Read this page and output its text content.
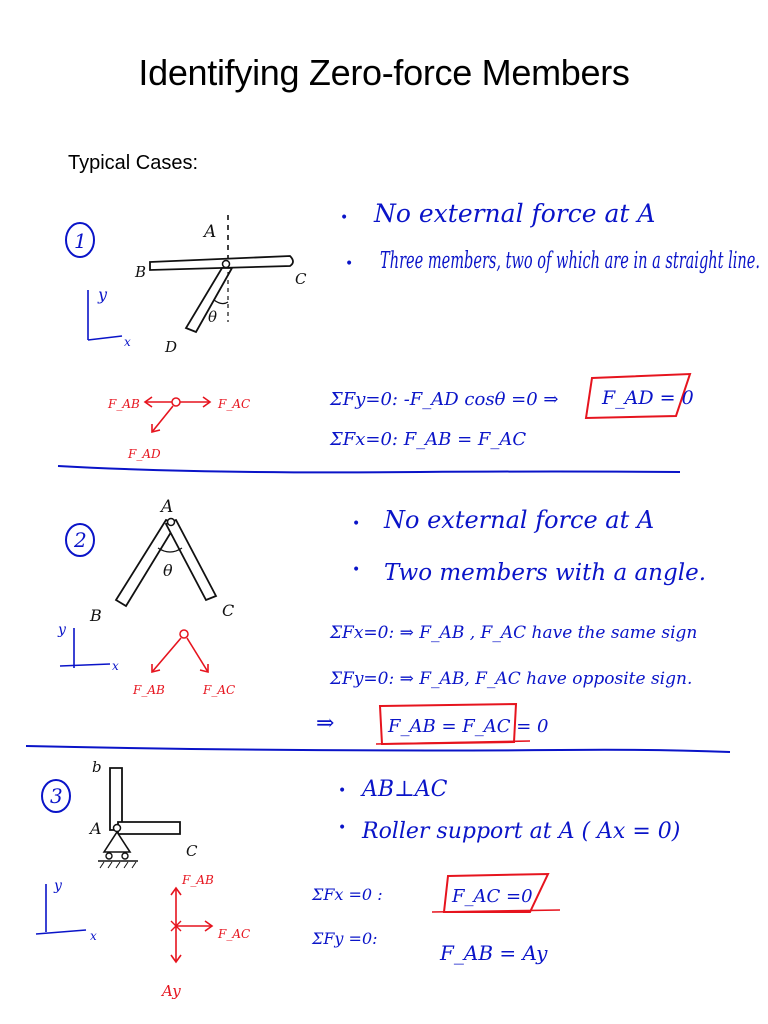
Identifying Zero-force Members
Typical Cases:
1	A
B	C
D
θ
y
x
• No external force at A
• Three members, two of which are in a straight line.
F_AB	F_AC
F_AD
ΣFy=0: -F_AD cosθ =0 ⇒
ΣFx=0: F_AB = F_AC
F_AD = 0
2
A
B	C
θ
y
x
• No external force at A
• Two members with a angle.
F_AB	F_AC
ΣFx=0: ⇒ F_AB , F_AC have the same sign
ΣFy=0: ⇒ F_AB, F_AC have opposite sign.
⇒	F_AB = F_AC = 0
3
b
A
C
y
x
• AB⊥AC
• Roller support at A ( Ax = 0)
F_AB
F_AC
Ay
ΣFx =0 :
ΣFy =0:
F_AC =0
F_AB = Ay
